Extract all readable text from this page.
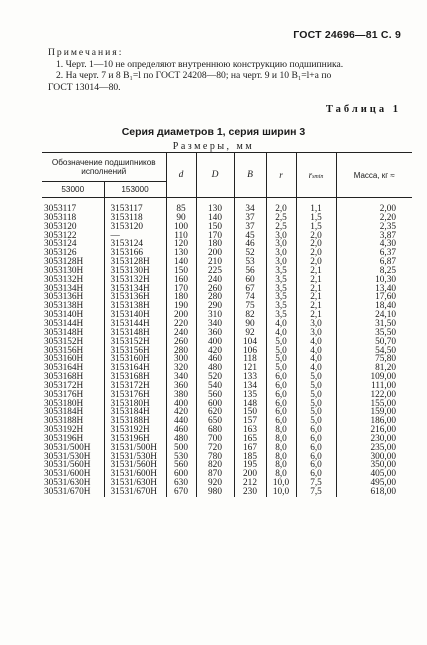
ГОСТ 24696—81 С. 9
Примечания:
1. Черт. 1—10 не определяют внутреннюю конструкцию подшипника.
2. На черт. 7 и 8 B₁=l по ГОСТ 24208—80; на черт. 9 и 10 B₁=l+a по
ГОСТ 13014—80.
Таблица 1
Серия диаметров 1, серия ширин 3
Размеры, мм
Обозначение подшипников исполнений		d	D	B	r	rsmin	Масса, кг ≈
53000	153000						

3053117	3153117	85	130	34	2,0	1,1	2,00
3053118	3153118	90	140	37	2,5	1,5	2,20
3053120	3153120	100	150	37	2,5	1,5	2,35
3053122	—	110	170	45	3,0	2,0	3,87
3053124	3153124	120	180	46	3,0	2,0	4,30
3053126	3153166	130	200	52	3,0	2,0	6,37
3053128H	3153128H	140	210	53	3,0	2,0	6,87
3053130H	3153130H	150	225	56	3,5	2,1	8,25
3053132H	3153132H	160	240	60	3,5	2,1	10,30
3053134H	3153134H	170	260	67	3,5	2,1	13,40
3053136H	3153136H	180	280	74	3,5	2,1	17,60
3053138H	3153138H	190	290	75	3,5	2,1	18,40
3053140H	3153140H	200	310	82	3,5	2,1	24,10
3053144H	3153144H	220	340	90	4,0	3,0	31,50
3053148H	3153148H	240	360	92	4,0	3,0	35,50
3053152H	3153152H	260	400	104	5,0	4,0	50,70
3053156H	3153156H	280	420	106	5,0	4,0	54,50
3053160H	3153160H	300	460	118	5,0	4,0	75,80
3053164H	3153164H	320	480	121	5,0	4,0	81,20
3053168H	3153168H	340	520	133	6,0	5,0	109,00
3053172H	3153172H	360	540	134	6,0	5,0	111,00
3053176H	3153176H	380	560	135	6,0	5,0	122,00
3053180H	3153180H	400	600	148	6,0	5,0	155,00
3053184H	3153184H	420	620	150	6,0	5,0	159,00
3053188H	3153188H	440	650	157	6,0	5,0	186,00
3053192H	3153192H	460	680	163	8,0	6,0	216,00
3053196H	3153196H	480	700	165	8,0	6,0	230,00
30531/500H	31531/500H	500	720	167	8,0	6,0	235,00
30531/530H	31531/530H	530	780	185	8,0	6,0	300,00
30531/560H	31531/560H	560	820	195	8,0	6,0	350,00
30531/600H	31531/600H	600	870	200	8,0	6,0	405,00
30531/630H	31531/630H	630	920	212	10,0	7,5	495,00
30531/670H	31531/670H	670	980	230	10,0	7,5	618,00
